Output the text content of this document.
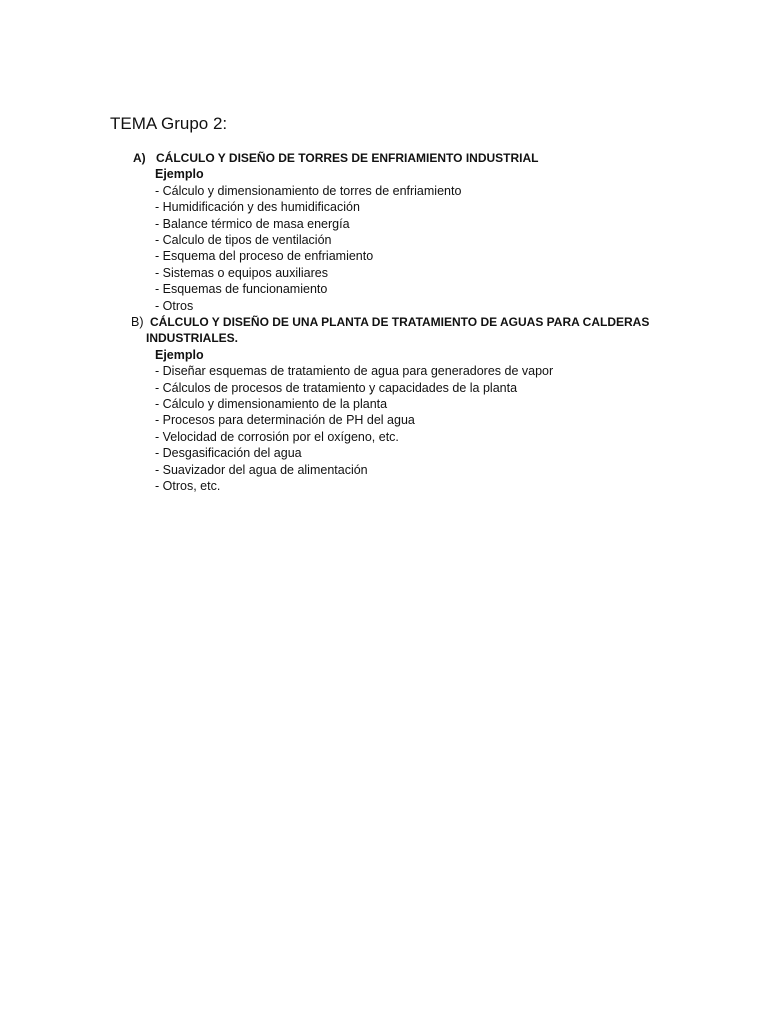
TEMA Grupo 2:
A) CÁLCULO Y DISEÑO DE TORRES DE ENFRIAMIENTO INDUSTRIAL
Ejemplo
- Cálculo y dimensionamiento de torres de enfriamiento
- Humidificación y des humidificación
- Balance térmico de masa energía
- Calculo de tipos de ventilación
- Esquema del proceso de enfriamiento
- Sistemas o equipos auxiliares
- Esquemas de funcionamiento
- Otros
B) CÁLCULO Y DISEÑO DE UNA PLANTA DE TRATAMIENTO DE AGUAS PARA CALDERAS
INDUSTRIALES.
Ejemplo
- Diseñar esquemas de tratamiento de agua para generadores de vapor
- Cálculos de procesos de tratamiento y capacidades de la planta
- Cálculo y dimensionamiento de la planta
- Procesos para determinación de PH del agua
- Velocidad de corrosión por el oxígeno, etc.
- Desgasificación del agua
- Suavizador del agua de alimentación
- Otros, etc.
